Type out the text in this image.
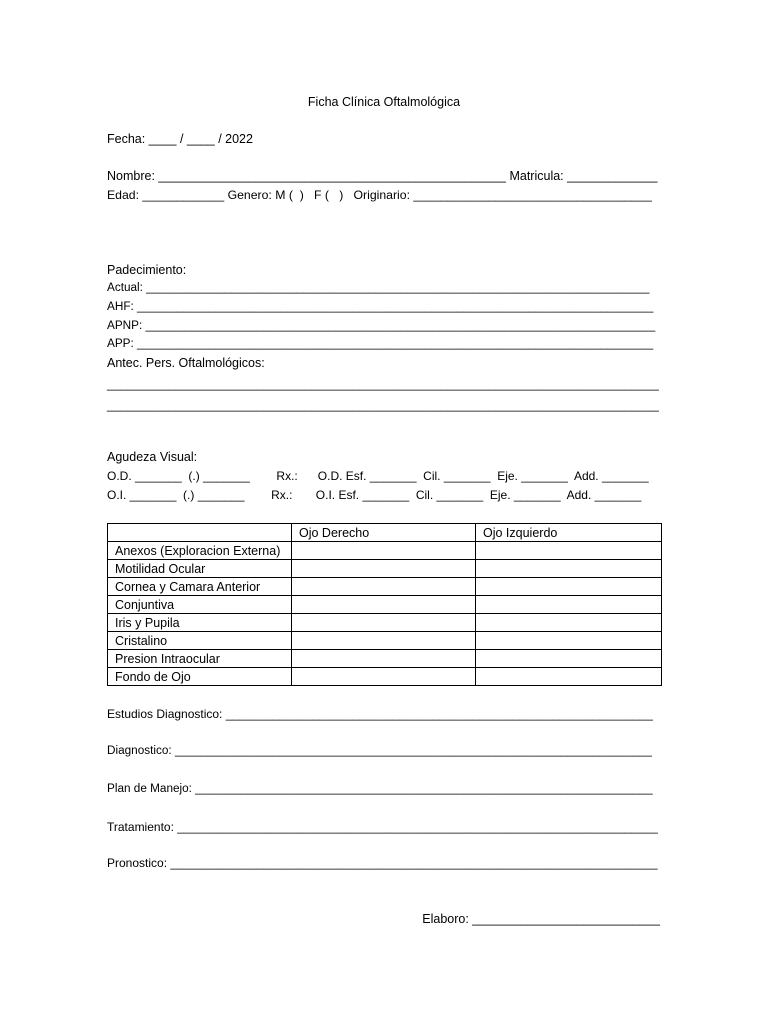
Ficha Clínica Oftalmológica
Fecha: ____ / ____ / 2022
Nombre: __________________________________________________ Matricula: _____________
Edad: ____________ Genero: M (  )   F (   )   Originario: ___________________________________
Padecimiento:
Actual: _____________________________________________________________________________
AHF: _______________________________________________________________________________
APNP: ______________________________________________________________________________
APP: _______________________________________________________________________________
Antec. Pers. Oftalmológicos:
_________________________________________________________________________________
_________________________________________________________________________________
Agudeza Visual:
O.D. _______  (.) _______        Rx.:      O.D. Esf. _______  Cil. _______  Eje. _______  Add. _______
O.I. _______  (.) _______        Rx.:       O.I. Esf. _______  Cil. _______  Eje. _______  Add. _______
	Ojo Derecho	Ojo Izquierdo
Anexos (Exploracion Externa)		
Motilidad Ocular		
Cornea y Camara Anterior		
Conjuntiva		
Iris y Pupila		
Cristalino		
Presion Intraocular		
Fondo de Ojo		
Estudios Diagnostico: ________________________________________________________________
Diagnostico: _________________________________________________________________________
Plan de Manejo: ______________________________________________________________________
Tratamiento: ________________________________________________________________________
Pronostico: _________________________________________________________________________
Elaboro: ___________________________
